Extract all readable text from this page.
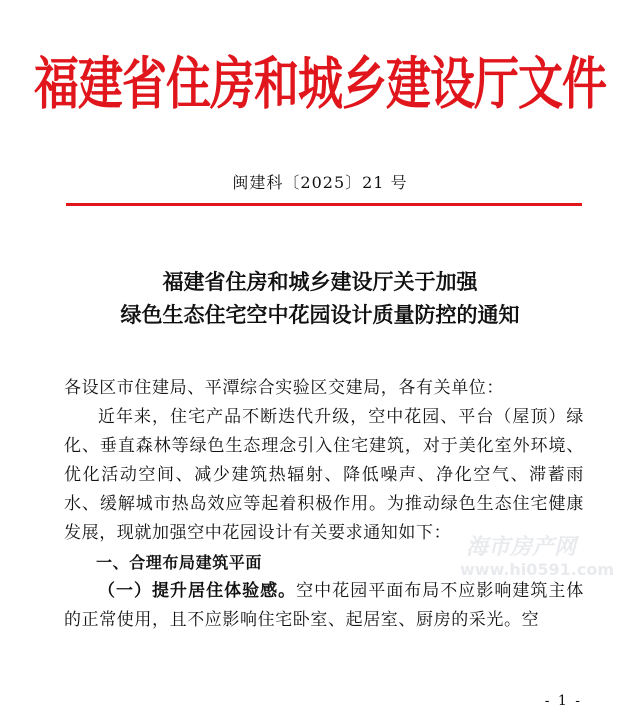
福建省住房和城乡建设厅文件
闽建科〔2025〕21 号
福建省住房和城乡建设厅关于加强
绿色生态住宅空中花园设计质量防控的通知

各设区市住建局、平潭综合实验区交建局，各有关单位：

近年来，住宅产品不断迭代升级，空中花园、平台（屋顶）绿化、垂直森林等绿色生态理念引入住宅建筑，对于美化室外环境、优化活动空间、减少建筑热辐射、降低噪声、净化空气、滞蓄雨水、缓解城市热岛效应等起着积极作用。为推动绿色生态住宅健康发展，现就加强空中花园设计有关要求通知如下：

一、合理布局建筑平面

（一）提升居住体验感。空中花园平面布局不应影响建筑主体的正常使用，且不应影响住宅卧室、起居室、厨房的采光。空

海市房产网
www.hi0591.com
- 1 -
